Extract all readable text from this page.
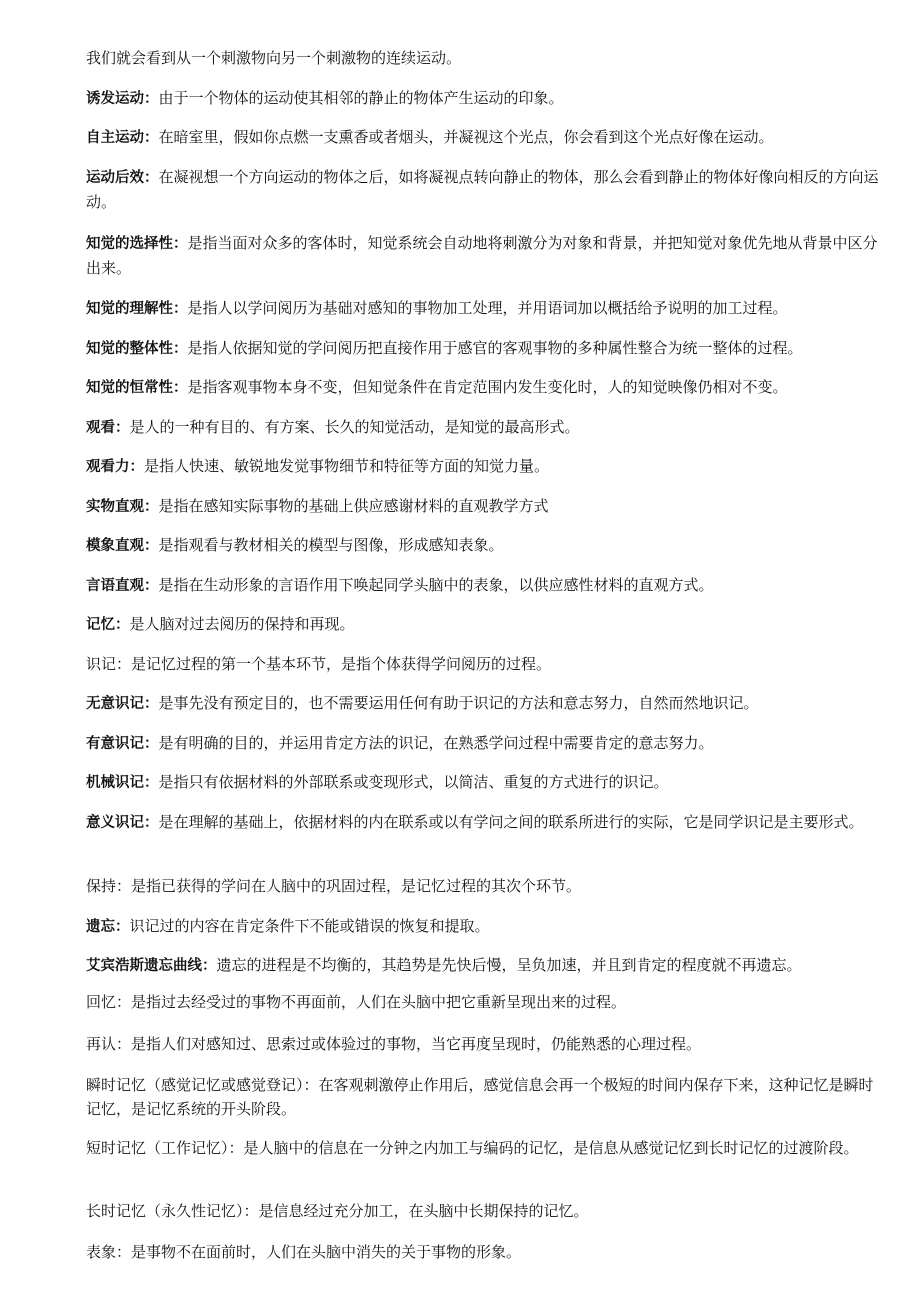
我们就会看到从一个刺激物向另一个刺激物的连续运动。

诱发运动：由于一个物体的运动使其相邻的静止的物体产生运动的印象。

自主运动：在暗室里，假如你点燃一支熏香或者烟头，并凝视这个光点，你会看到这个光点好像在运动。

运动后效：在凝视想一个方向运动的物体之后，如将凝视点转向静止的物体，那么会看到静止的物体好像向相反的方向运动。

知觉的选择性：是指当面对众多的客体时，知觉系统会自动地将刺激分为对象和背景，并把知觉对象优先地从背景中区分出来。

知觉的理解性：是指人以学问阅历为基础对感知的事物加工处理，并用语词加以概括给予说明的加工过程。

知觉的整体性：是指人依据知觉的学问阅历把直接作用于感官的客观事物的多种属性整合为统一整体的过程。

知觉的恒常性：是指客观事物本身不变，但知觉条件在肯定范围内发生变化时，人的知觉映像仍相对不变。

观看：是人的一种有目的、有方案、长久的知觉活动，是知觉的最高形式。

观看力：是指人快速、敏锐地发觉事物细节和特征等方面的知觉力量。

实物直观：是指在感知实际事物的基础上供应感谢材料的直观教学方式

模象直观：是指观看与教材相关的模型与图像，形成感知表象。

言语直观：是指在生动形象的言语作用下唤起同学头脑中的表象，以供应感性材料的直观方式。

记忆：是人脑对过去阅历的保持和再现。

识记：是记忆过程的第一个基本环节，是指个体获得学问阅历的过程。

无意识记：是事先没有预定目的，也不需要运用任何有助于识记的方法和意志努力，自然而然地识记。

有意识记：是有明确的目的，并运用肯定方法的识记，在熟悉学问过程中需要肯定的意志努力。

机械识记：是指只有依据材料的外部联系或变现形式，以简洁、重复的方式进行的识记。

意义识记：是在理解的基础上，依据材料的内在联系或以有学问之间的联系所进行的实际，它是同学识记是主要形式。

保持：是指已获得的学问在人脑中的巩固过程，是记忆过程的其次个环节。

遗忘：识记过的内容在肯定条件下不能或错误的恢复和提取。

艾宾浩斯遗忘曲线：遗忘的进程是不均衡的，其趋势是先快后慢，呈负加速，并且到肯定的程度就不再遗忘。

回忆：是指过去经受过的事物不再面前，人们在头脑中把它重新呈现出来的过程。

再认：是指人们对感知过、思索过或体验过的事物，当它再度呈现时，仍能熟悉的心理过程。

瞬时记忆（感觉记忆或感觉登记）：在客观刺激停止作用后，感觉信息会再一个极短的时间内保存下来，这种记忆是瞬时记忆，是记忆系统的开头阶段。

短时记忆（工作记忆）：是人脑中的信息在一分钟之内加工与编码的记忆，是信息从感觉记忆到长时记忆的过渡阶段。

长时记忆（永久性记忆）：是信息经过充分加工，在头脑中长期保持的记忆。

表象：是事物不在面前时，人们在头脑中消失的关于事物的形象。
